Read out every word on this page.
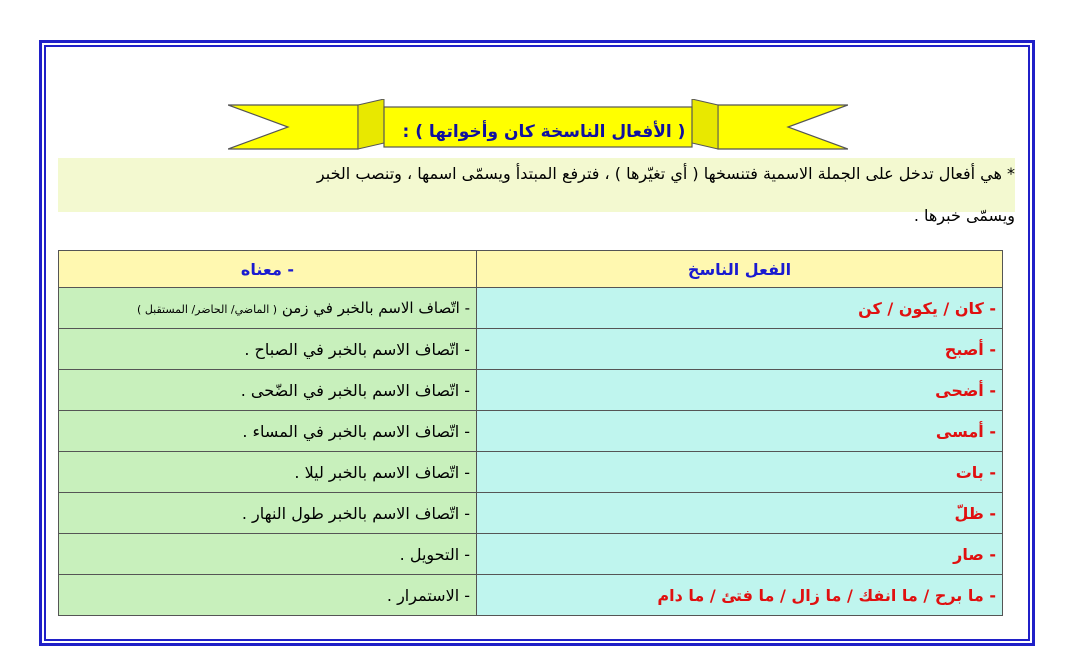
( الأفعال الناسخة كان وأخواتها ) :
* هي أفعال تدخل على الجملة الاسمية فتنسخها ( أي تغيّرها ) ، فترفع المبتدأ ويسمّى اسمها ، وتنصب الخبر
ويسمّى خبرها .
الفعل الناسخ	- معناه
- كان / يكون / كن	- اتّصاف الاسم بالخبر في زمن ( الماضي/ الحاضر/ المستقبل )
- أصبح	- اتّصاف الاسم بالخبر في الصباح .
- أضحى	- اتّصاف الاسم بالخبر في الضّحى .
- أمسى	- اتّصاف الاسم بالخبر في المساء .
- بات	- اتّصاف الاسم بالخبر ليلا .
- ظلّ	- اتّصاف الاسم بالخبر طول النهار .
- صار	- التحويل .
- ما برح / ما انفك / ما زال / ما فتئ / ما دام	- الاستمرار .
